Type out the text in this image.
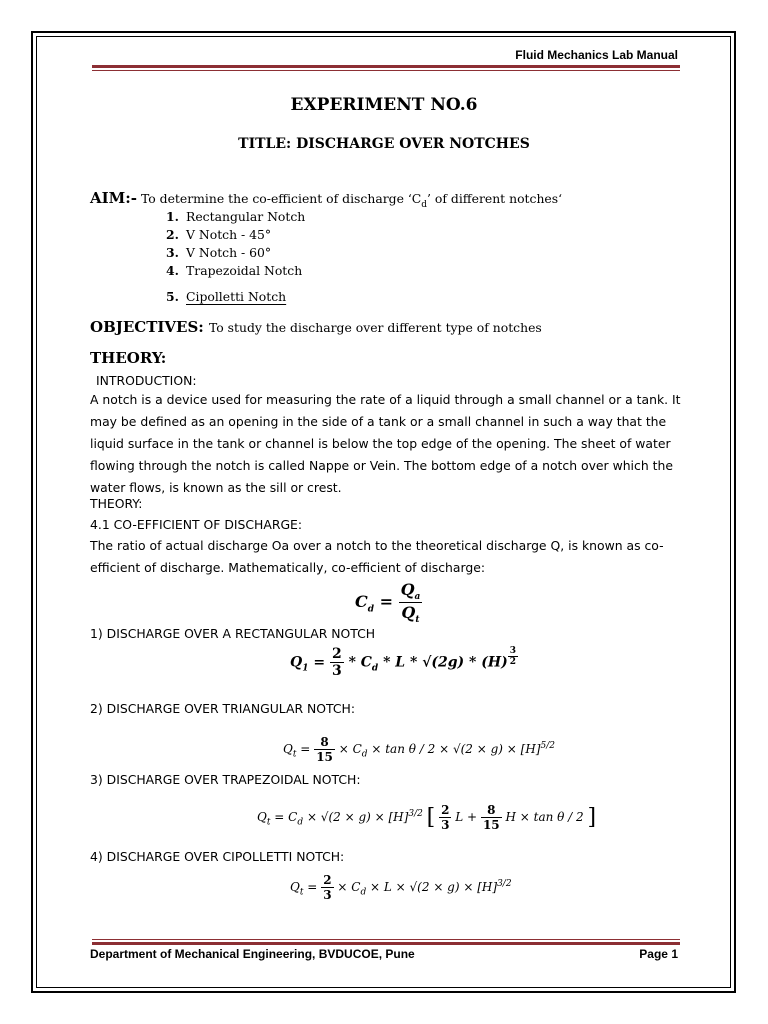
Fluid Mechanics Lab Manual
EXPERIMENT NO.6
TITLE: DISCHARGE OVER NOTCHES
AIM:- To determine the co-efficient of discharge ‘$C_d$’ of different notches‘
1. Rectangular Notch
2. V Notch - 45°
3. V Notch - 60°
4. Trapezoidal Notch
5. Cipolletti Notch
OBJECTIVES: To study the discharge over different type of notches
THEORY:
INTRODUCTION:
A notch is a device used for measuring the rate of a liquid through a small channel or a tank. It may be defined as an opening in the side of a tank or a small channel in such a way that the liquid surface in the tank or channel is below the top edge of the opening. The sheet of water flowing through the notch is called Nappe or Vein. The bottom edge of a notch over which the water flows, is known as the sill or crest.
THEORY:
4.1 CO-EFFICIENT OF DISCHARGE:
The ratio of actual discharge Oa over a notch to the theoretical discharge Q, is known as co-efficient of discharge. Mathematically, co-efficient of discharge:
$C_d = \frac{Q_a}{Q_t}$
1) DISCHARGE OVER A RECTANGULAR NOTCH
$Q_1 = \frac{2}{3} * C_d * L * √(2g) * (H) \frac{3}{2}$
2) DISCHARGE OVER TRIANGULAR NOTCH:
$Q_t = \frac{8}{15} \times C_d \times \tan \theta / 2 \times √(2 \times g) \times [H]^{5/2}$
3) DISCHARGE OVER TRAPEZOIDAL NOTCH:
$Q_t = C_d \times √(2 \times g) \times [H]^{3/2}$ [ $\frac{2}{3}$ $L + \frac{8}{15}$ H × tan θ / 2 ]
4) DISCHARGE OVER CIPOLLETTI NOTCH:
$Q_t = \frac{2}{3} \times C_d \times L \times √(2 \times g) \times [H]^{3/2}$
Department of Mechanical Engineering, BVDUCOE, Pune	Page 1
